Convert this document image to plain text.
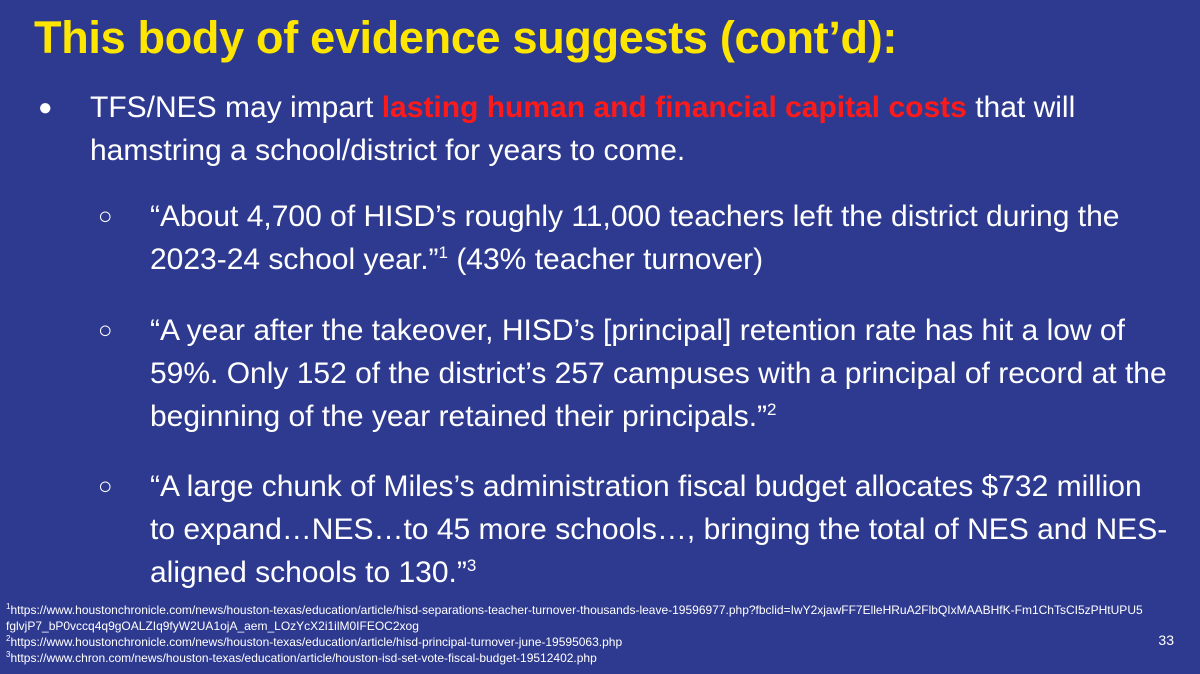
This body of evidence suggests (cont’d):
● TFS/NES may impart lasting human and financial capital costs that will hamstring a school/district for years to come.
○ “About 4,700 of HISD’s roughly 11,000 teachers left the district during the 2023-24 school year.”$^1$ (43% teacher turnover)
○ “A year after the takeover, HISD’s [principal] retention rate has hit a low of 59%. Only 152 of the district’s 257 campuses with a principal of record at the beginning of the year retained their principals.”$^2$
○ “A large chunk of Miles’s administration fiscal budget allocates $732 million to expand…NES…to 45 more schools…, bringing the total of NES and NES-aligned schools to 130.”$^3$
$^1$https://www.houstonchronicle.com/news/houston-texas/education/article/hisd-separations-teacher-turnover-thousands-leave-19596977.php?fbclid=IwY2xjawFF7ElleHRuA2FlbQIxMAABHfK-Fm1ChTsCI5zPHtUPU5
fglvjP7_bP0vccq4q9gOALZIq9fyW2UA1ojA_aem_LOzYcX2i1ilM0IFEOC2xog
$^2$https://www.houstonchronicle.com/news/houston-texas/education/article/hisd-principal-turnover-june-19595063.php
$^3$https://www.chron.com/news/houston-texas/education/article/houston-isd-set-vote-fiscal-budget-19512402.php
33
